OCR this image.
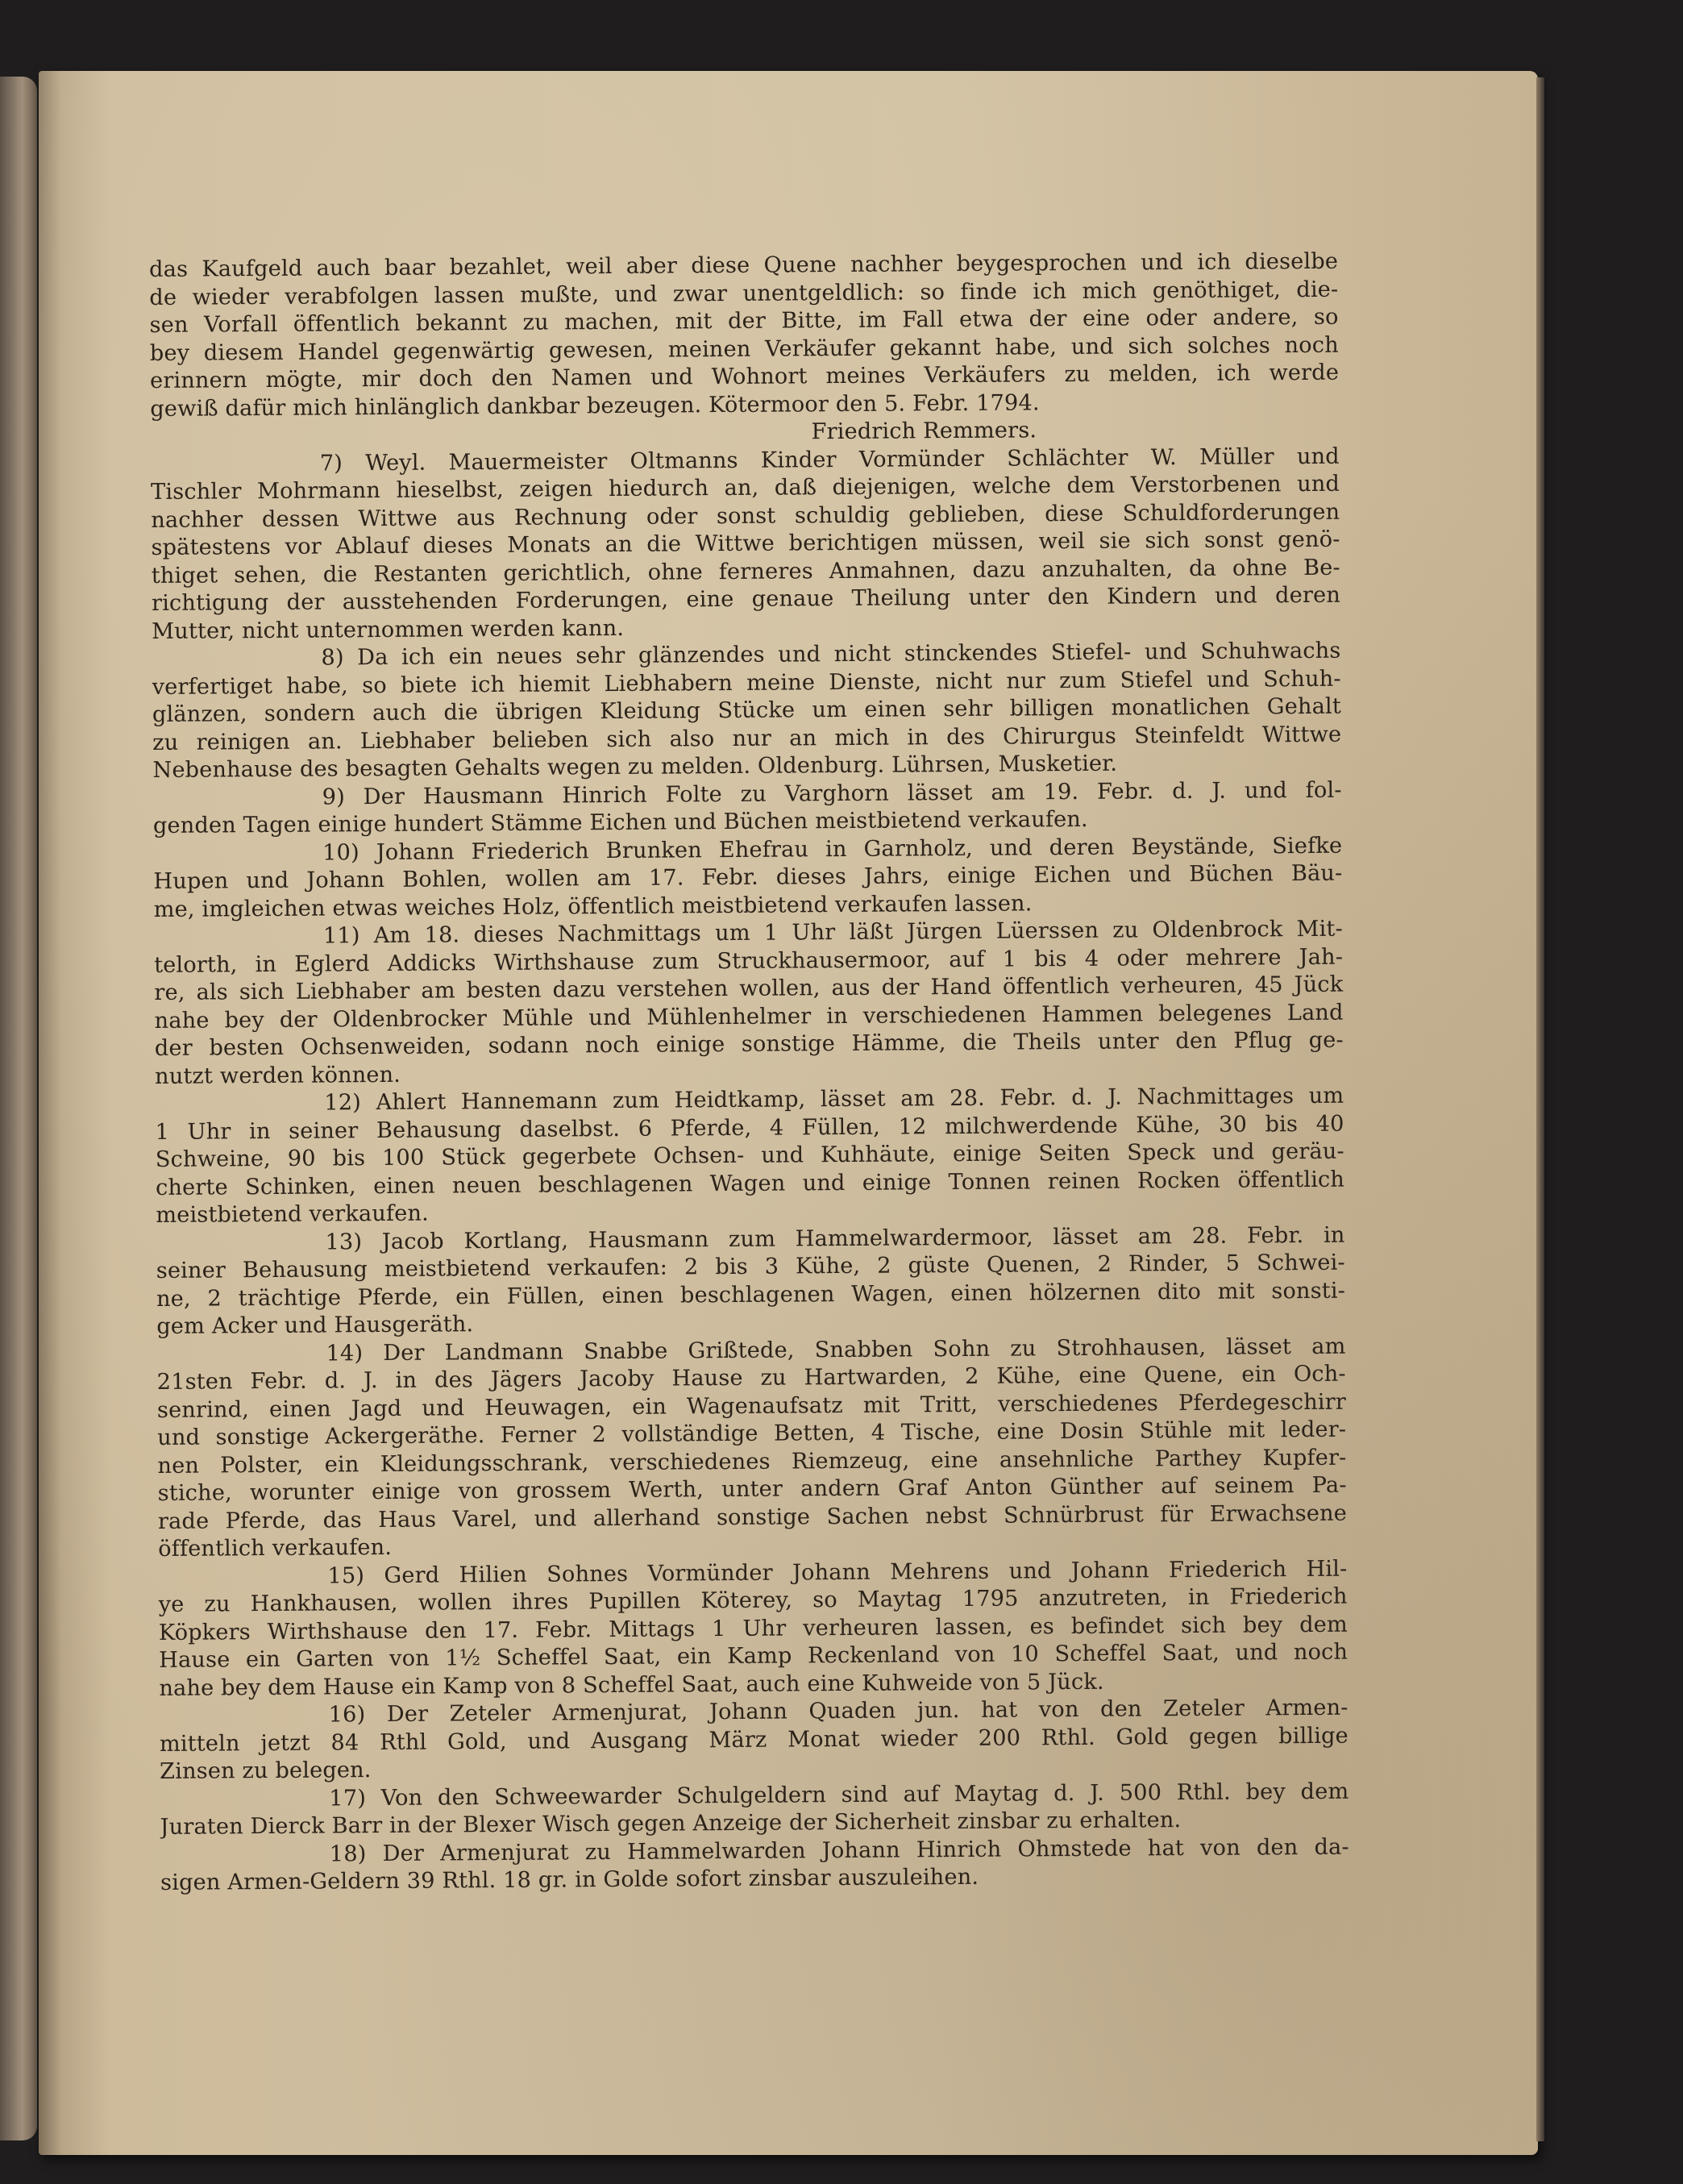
das Kaufgeld auch baar bezahlet, weil aber diese Quene nachher beygesprochen und ich dieselbe
de wieder verabfolgen lassen mußte, und zwar unentgeldlich: so finde ich mich genöthiget, die-
sen Vorfall öffentlich bekannt zu machen, mit der Bitte, im Fall etwa der eine oder andere, so
bey diesem Handel gegenwärtig gewesen, meinen Verkäufer gekannt habe, und sich solches noch
erinnern mögte, mir doch den Namen und Wohnort meines Verkäufers zu melden, ich werde
gewiß dafür mich hinlänglich dankbar bezeugen. Kötermoor den 5. Febr. 1794.
Friedrich Remmers.
7) Weyl. Mauermeister Oltmanns Kinder Vormünder Schlächter W. Müller und
Tischler Mohrmann hieselbst, zeigen hiedurch an, daß diejenigen, welche dem Verstorbenen und
nachher dessen Wittwe aus Rechnung oder sonst schuldig geblieben, diese Schuldforderungen
spätestens vor Ablauf dieses Monats an die Wittwe berichtigen müssen, weil sie sich sonst genö-
thiget sehen, die Restanten gerichtlich, ohne ferneres Anmahnen, dazu anzuhalten, da ohne Be-
richtigung der ausstehenden Forderungen, eine genaue Theilung unter den Kindern und deren
Mutter, nicht unternommen werden kann.
8) Da ich ein neues sehr glänzendes und nicht stinckendes Stiefel- und Schuhwachs
verfertiget habe, so biete ich hiemit Liebhabern meine Dienste, nicht nur zum Stiefel und Schuh-
glänzen, sondern auch die übrigen Kleidung Stücke um einen sehr billigen monatlichen Gehalt
zu reinigen an. Liebhaber belieben sich also nur an mich in des Chirurgus Steinfeldt Wittwe
Nebenhause des besagten Gehalts wegen zu melden. Oldenburg. Lührsen, Musketier.
9) Der Hausmann Hinrich Folte zu Varghorn lässet am 19. Febr. d. J. und fol-
genden Tagen einige hundert Stämme Eichen und Büchen meistbietend verkaufen.
10) Johann Friederich Brunken Ehefrau in Garnholz, und deren Beystände, Siefke
Hupen und Johann Bohlen, wollen am 17. Febr. dieses Jahrs, einige Eichen und Büchen Bäu-
me, imgleichen etwas weiches Holz, öffentlich meistbietend verkaufen lassen.
11) Am 18. dieses Nachmittags um 1 Uhr läßt Jürgen Lüerssen zu Oldenbrock Mit-
telorth, in Eglerd Addicks Wirthshause zum Struckhausermoor, auf 1 bis 4 oder mehrere Jah-
re, als sich Liebhaber am besten dazu verstehen wollen, aus der Hand öffentlich verheuren, 45 Jück
nahe bey der Oldenbrocker Mühle und Mühlenhelmer in verschiedenen Hammen belegenes Land
der besten Ochsenweiden, sodann noch einige sonstige Hämme, die Theils unter den Pflug ge-
nutzt werden können.
12) Ahlert Hannemann zum Heidtkamp, lässet am 28. Febr. d. J. Nachmittages um
1 Uhr in seiner Behausung daselbst. 6 Pferde, 4 Füllen, 12 milchwerdende Kühe, 30 bis 40
Schweine, 90 bis 100 Stück gegerbete Ochsen- und Kuhhäute, einige Seiten Speck und geräu-
cherte Schinken, einen neuen beschlagenen Wagen und einige Tonnen reinen Rocken öffentlich
meistbietend verkaufen.
13) Jacob Kortlang, Hausmann zum Hammelwardermoor, lässet am 28. Febr. in
seiner Behausung meistbietend verkaufen: 2 bis 3 Kühe, 2 güste Quenen, 2 Rinder, 5 Schwei-
ne, 2 trächtige Pferde, ein Füllen, einen beschlagenen Wagen, einen hölzernen dito mit sonsti-
gem Acker und Hausgeräth.
14) Der Landmann Snabbe Grißtede, Snabben Sohn zu Strohhausen, lässet am
21sten Febr. d. J. in des Jägers Jacoby Hause zu Hartwarden, 2 Kühe, eine Quene, ein Och-
senrind, einen Jagd und Heuwagen, ein Wagenaufsatz mit Tritt, verschiedenes Pferdegeschirr
und sonstige Ackergeräthe. Ferner 2 vollständige Betten, 4 Tische, eine Dosin Stühle mit leder-
nen Polster, ein Kleidungsschrank, verschiedenes Riemzeug, eine ansehnliche Parthey Kupfer-
stiche, worunter einige von grossem Werth, unter andern Graf Anton Günther auf seinem Pa-
rade Pferde, das Haus Varel, und allerhand sonstige Sachen nebst Schnürbrust für Erwachsene
öffentlich verkaufen.
15) Gerd Hilien Sohnes Vormünder Johann Mehrens und Johann Friederich Hil-
ye zu Hankhausen, wollen ihres Pupillen Köterey, so Maytag 1795 anzutreten, in Friederich
Köpkers Wirthshause den 17. Febr. Mittags 1 Uhr verheuren lassen, es befindet sich bey dem
Hause ein Garten von 1½ Scheffel Saat, ein Kamp Reckenland von 10 Scheffel Saat, und noch
nahe bey dem Hause ein Kamp von 8 Scheffel Saat, auch eine Kuhweide von 5 Jück.
16) Der Zeteler Armenjurat, Johann Quaden jun. hat von den Zeteler Armen-
mitteln jetzt 84 Rthl Gold, und Ausgang März Monat wieder 200 Rthl. Gold gegen billige
Zinsen zu belegen.
17) Von den Schweewarder Schulgeldern sind auf Maytag d. J. 500 Rthl. bey dem
Juraten Dierck Barr in der Blexer Wisch gegen Anzeige der Sicherheit zinsbar zu erhalten.
18) Der Armenjurat zu Hammelwarden Johann Hinrich Ohmstede hat von den da-
sigen Armen-Geldern 39 Rthl. 18 gr. in Golde sofort zinsbar auszuleihen.
